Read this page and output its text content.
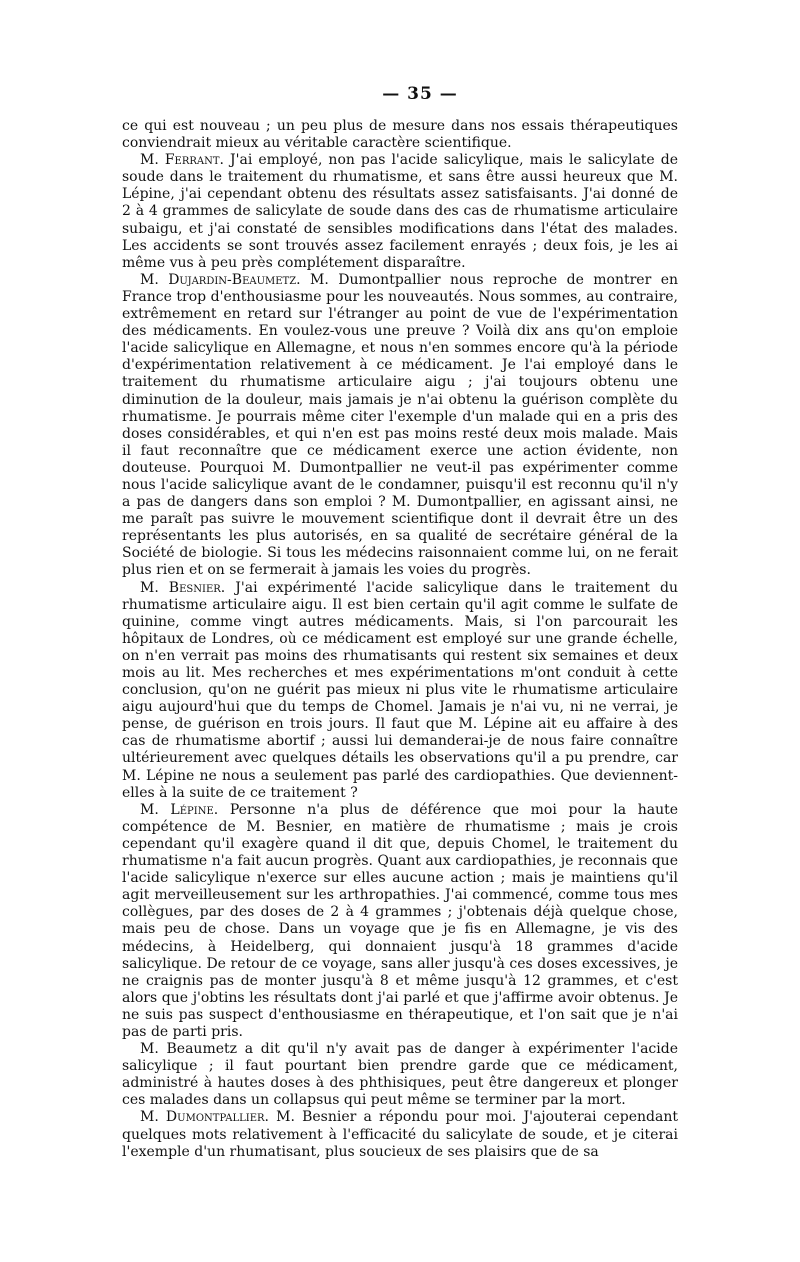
— 35 —

ce qui est nouveau ; un peu plus de mesure dans nos essais thérapeutiques conviendrait mieux au véritable caractère scientifique.

M. Ferrant. J'ai employé, non pas l'acide salicylique, mais le salicylate de soude dans le traitement du rhumatisme, et sans être aussi heureux que M. Lépine, j'ai cependant obtenu des résultats assez satisfaisants. J'ai donné de 2 à 4 grammes de salicylate de soude dans des cas de rhumatisme articulaire subaigu, et j'ai constaté de sensibles modifications dans l'état des malades. Les accidents se sont trouvés assez facilement enrayés ; deux fois, je les ai même vus à peu près complétement disparaître.

M. Dujardin-Beaumetz. M. Dumontpallier nous reproche de montrer en France trop d'enthousiasme pour les nouveautés. Nous sommes, au contraire, extrêmement en retard sur l'étranger au point de vue de l'expérimentation des médicaments. En voulez-vous une preuve ? Voilà dix ans qu'on emploie l'acide salicylique en Allemagne, et nous n'en sommes encore qu'à la période d'expérimentation relativement à ce médicament. Je l'ai employé dans le traitement du rhumatisme articulaire aigu ; j'ai toujours obtenu une diminution de la douleur, mais jamais je n'ai obtenu la guérison complète du rhumatisme. Je pourrais même citer l'exemple d'un malade qui en a pris des doses considérables, et qui n'en est pas moins resté deux mois malade. Mais il faut reconnaître que ce médicament exerce une action évidente, non douteuse. Pourquoi M. Dumontpallier ne veut-il pas expérimenter comme nous l'acide salicylique avant de le condamner, puisqu'il est reconnu qu'il n'y a pas de dangers dans son emploi ? M. Dumontpallier, en agissant ainsi, ne me paraît pas suivre le mouvement scientifique dont il devrait être un des représentants les plus autorisés, en sa qualité de secrétaire général de la Société de biologie. Si tous les médecins raisonnaient comme lui, on ne ferait plus rien et on se fermerait à jamais les voies du progrès.

M. Besnier. J'ai expérimenté l'acide salicylique dans le traitement du rhumatisme articulaire aigu. Il est bien certain qu'il agit comme le sulfate de quinine, comme vingt autres médicaments. Mais, si l'on parcourait les hôpitaux de Londres, où ce médicament est employé sur une grande échelle, on n'en verrait pas moins des rhumatisants qui restent six semaines et deux mois au lit. Mes recherches et mes expérimentations m'ont conduit à cette conclusion, qu'on ne guérit pas mieux ni plus vite le rhumatisme articulaire aigu aujourd'hui que du temps de Chomel. Jamais je n'ai vu, ni ne verrai, je pense, de guérison en trois jours. Il faut que M. Lépine ait eu affaire à des cas de rhumatisme abortif ; aussi lui demanderai-je de nous faire connaître ultérieurement avec quelques détails les observations qu'il a pu prendre, car M. Lépine ne nous a seulement pas parlé des cardiopathies. Que deviennent-elles à la suite de ce traitement ?

M. Lépine. Personne n'a plus de déférence que moi pour la haute compétence de M. Besnier, en matière de rhumatisme ; mais je crois cependant qu'il exagère quand il dit que, depuis Chomel, le traitement du rhumatisme n'a fait aucun progrès. Quant aux cardiopathies, je reconnais que l'acide salicylique n'exerce sur elles aucune action ; mais je maintiens qu'il agit merveilleusement sur les arthropathies. J'ai commencé, comme tous mes collègues, par des doses de 2 à 4 grammes ; j'obtenais déjà quelque chose, mais peu de chose. Dans un voyage que je fis en Allemagne, je vis des médecins, à Heidelberg, qui donnaient jusqu'à 18 grammes d'acide salicylique. De retour de ce voyage, sans aller jusqu'à ces doses excessives, je ne craignis pas de monter jusqu'à 8 et même jusqu'à 12 grammes, et c'est alors que j'obtins les résultats dont j'ai parlé et que j'affirme avoir obtenus. Je ne suis pas suspect d'enthousiasme en thérapeutique, et l'on sait que je n'ai pas de parti pris.

M. Beaumetz a dit qu'il n'y avait pas de danger à expérimenter l'acide salicylique ; il faut pourtant bien prendre garde que ce médicament, administré à hautes doses à des phthisiques, peut être dangereux et plonger ces malades dans un collapsus qui peut même se terminer par la mort.

M. Dumontpallier. M. Besnier a répondu pour moi. J'ajouterai cependant quelques mots relativement à l'efficacité du salicylate de soude, et je citerai l'exemple d'un rhumatisant, plus soucieux de ses plaisirs que de sa
